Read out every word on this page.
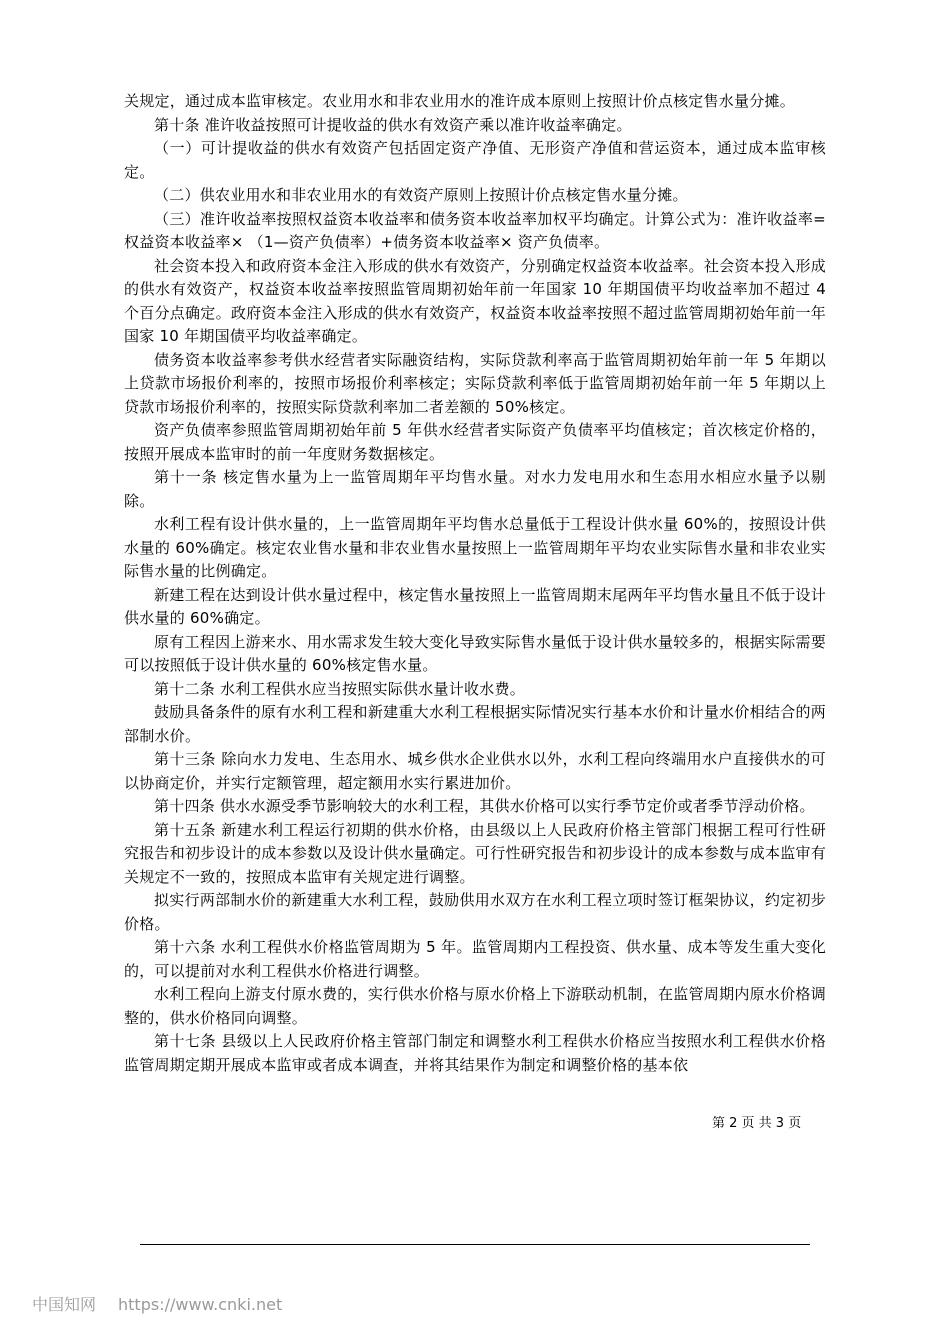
关规定，通过成本监审核定。农业用水和非农业用水的准许成本原则上按照计价点核定售水量分摊。

第十条 准许收益按照可计提收益的供水有效资产乘以准许收益率确定。

（一）可计提收益的供水有效资产包括固定资产净值、无形资产净值和营运资本，通过成本监审核定。

（二）供农业用水和非农业用水的有效资产原则上按照计价点核定售水量分摊。

（三）准许收益率按照权益资本收益率和债务资本收益率加权平均确定。计算公式为：准许收益率=权益资本收益率× （1—资产负债率）+债务资本收益率× 资产负债率。

社会资本投入和政府资本金注入形成的供水有效资产，分别确定权益资本收益率。社会资本投入形成的供水有效资产，权益资本收益率按照监管周期初始年前一年国家 10 年期国债平均收益率加不超过 4 个百分点确定。政府资本金注入形成的供水有效资产，权益资本收益率按照不超过监管周期初始年前一年国家 10 年期国债平均收益率确定。

债务资本收益率参考供水经营者实际融资结构，实际贷款利率高于监管周期初始年前一年 5 年期以上贷款市场报价利率的，按照市场报价利率核定；实际贷款利率低于监管周期初始年前一年 5 年期以上贷款市场报价利率的，按照实际贷款利率加二者差额的 50%核定。

资产负债率参照监管周期初始年前 5 年供水经营者实际资产负债率平均值核定；首次核定价格的，按照开展成本监审时的前一年度财务数据核定。

第十一条 核定售水量为上一监管周期年平均售水量。对水力发电用水和生态用水相应水量予以剔除。

水利工程有设计供水量的，上一监管周期年平均售水总量低于工程设计供水量 60%的，按照设计供水量的 60%确定。核定农业售水量和非农业售水量按照上一监管周期年平均农业实际售水量和非农业实际售水量的比例确定。

新建工程在达到设计供水量过程中，核定售水量按照上一监管周期末尾两年平均售水量且不低于设计供水量的 60%确定。

原有工程因上游来水、用水需求发生较大变化导致实际售水量低于设计供水量较多的，根据实际需要可以按照低于设计供水量的 60%核定售水量。

第十二条 水利工程供水应当按照实际供水量计收水费。

鼓励具备条件的原有水利工程和新建重大水利工程根据实际情况实行基本水价和计量水价相结合的两部制水价。

第十三条 除向水力发电、生态用水、城乡供水企业供水以外，水利工程向终端用水户直接供水的可以协商定价，并实行定额管理，超定额用水实行累进加价。

第十四条 供水水源受季节影响较大的水利工程，其供水价格可以实行季节定价或者季节浮动价格。

第十五条 新建水利工程运行初期的供水价格，由县级以上人民政府价格主管部门根据工程可行性研究报告和初步设计的成本参数以及设计供水量确定。可行性研究报告和初步设计的成本参数与成本监审有关规定不一致的，按照成本监审有关规定进行调整。

拟实行两部制水价的新建重大水利工程，鼓励供用水双方在水利工程立项时签订框架协议，约定初步价格。

第十六条 水利工程供水价格监管周期为 5 年。监管周期内工程投资、供水量、成本等发生重大变化的，可以提前对水利工程供水价格进行调整。

水利工程向上游支付原水费的，实行供水价格与原水价格上下游联动机制，在监管周期内原水价格调整的，供水价格同向调整。

第十七条 县级以上人民政府价格主管部门制定和调整水利工程供水价格应当按照水利工程供水价格监管周期定期开展成本监审或者成本调查，并将其结果作为制定和调整价格的基本依

第 2 页 共 3 页
中国知网 https://www.cnki.net
